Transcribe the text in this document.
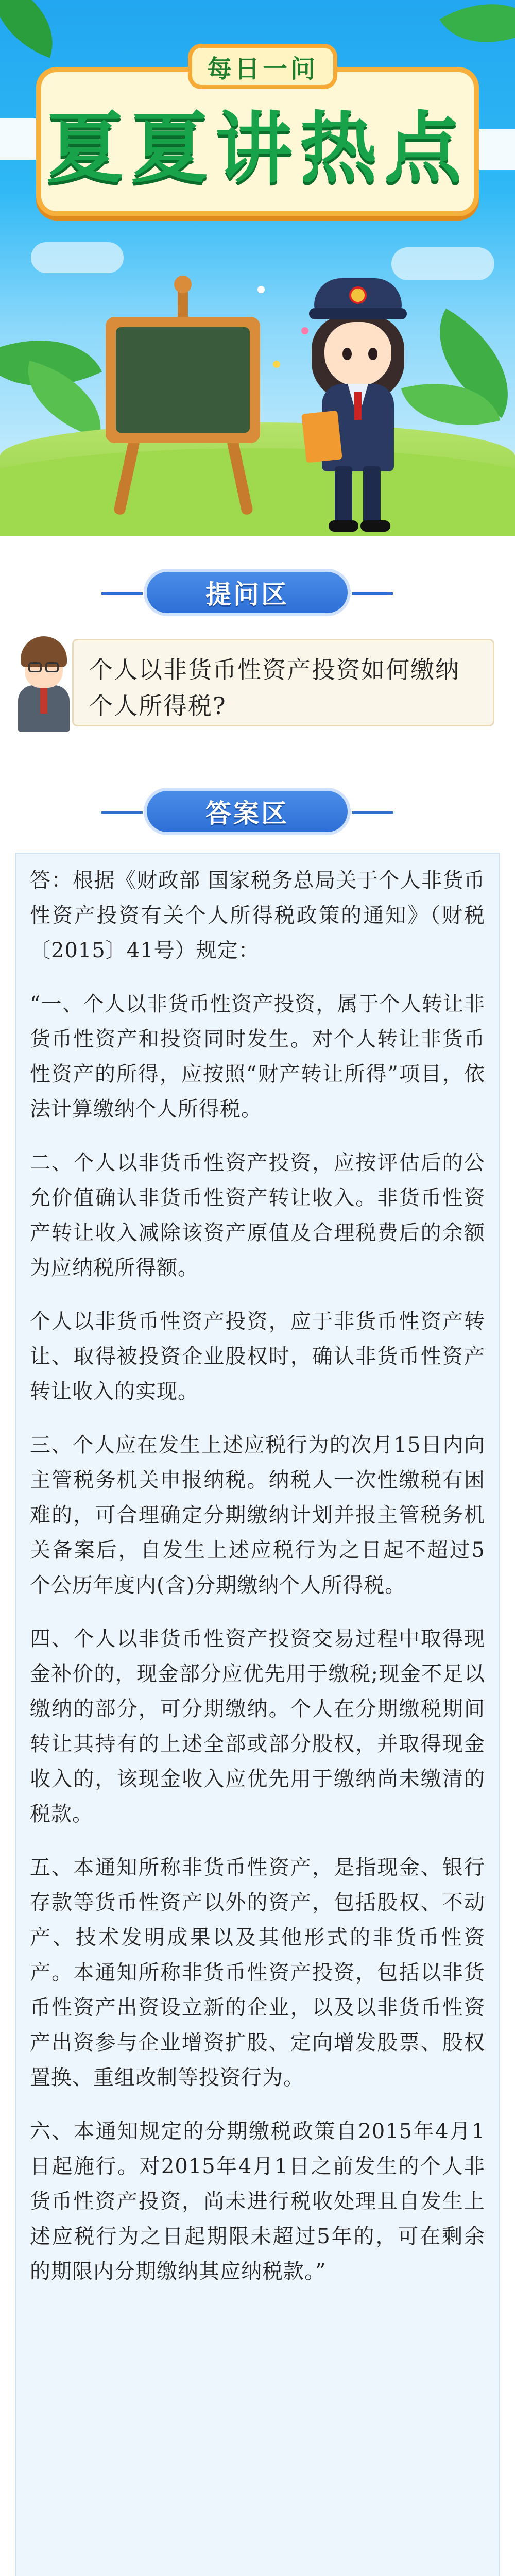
每日一问
夏夏讲热点
提问区
个人以非货币性资产投资如何缴纳个人所得税?
答案区

答：根据《财政部 国家税务总局关于个人非货币性资产投资有关个人所得税政策的通知》（财税〔2015〕41号）规定：

“一、个人以非货币性资产投资，属于个人转让非货币性资产和投资同时发生。对个人转让非货币性资产的所得，应按照“财产转让所得”项目，依法计算缴纳个人所得税。

二、个人以非货币性资产投资，应按评估后的公允价值确认非货币性资产转让收入。非货币性资产转让收入减除该资产原值及合理税费后的余额为应纳税所得额。

个人以非货币性资产投资，应于非货币性资产转让、取得被投资企业股权时，确认非货币性资产转让收入的实现。

三、个人应在发生上述应税行为的次月15日内向主管税务机关申报纳税。纳税人一次性缴税有困难的，可合理确定分期缴纳计划并报主管税务机关备案后，自发生上述应税行为之日起不超过5个公历年度内(含)分期缴纳个人所得税。

四、个人以非货币性资产投资交易过程中取得现金补价的，现金部分应优先用于缴税;现金不足以缴纳的部分，可分期缴纳。个人在分期缴税期间转让其持有的上述全部或部分股权，并取得现金收入的，该现金收入应优先用于缴纳尚未缴清的税款。

五、本通知所称非货币性资产，是指现金、银行存款等货币性资产以外的资产，包括股权、不动产、技术发明成果以及其他形式的非货币性资产。本通知所称非货币性资产投资，包括以非货币性资产出资设立新的企业，以及以非货币性资产出资参与企业增资扩股、定向增发股票、股权置换、重组改制等投资行为。

六、本通知规定的分期缴税政策自2015年4月1日起施行。对2015年4月1日之前发生的个人非货币性资产投资，尚未进行税收处理且自发生上述应税行为之日起期限未超过5年的，可在剩余的期限内分期缴纳其应纳税款。”
